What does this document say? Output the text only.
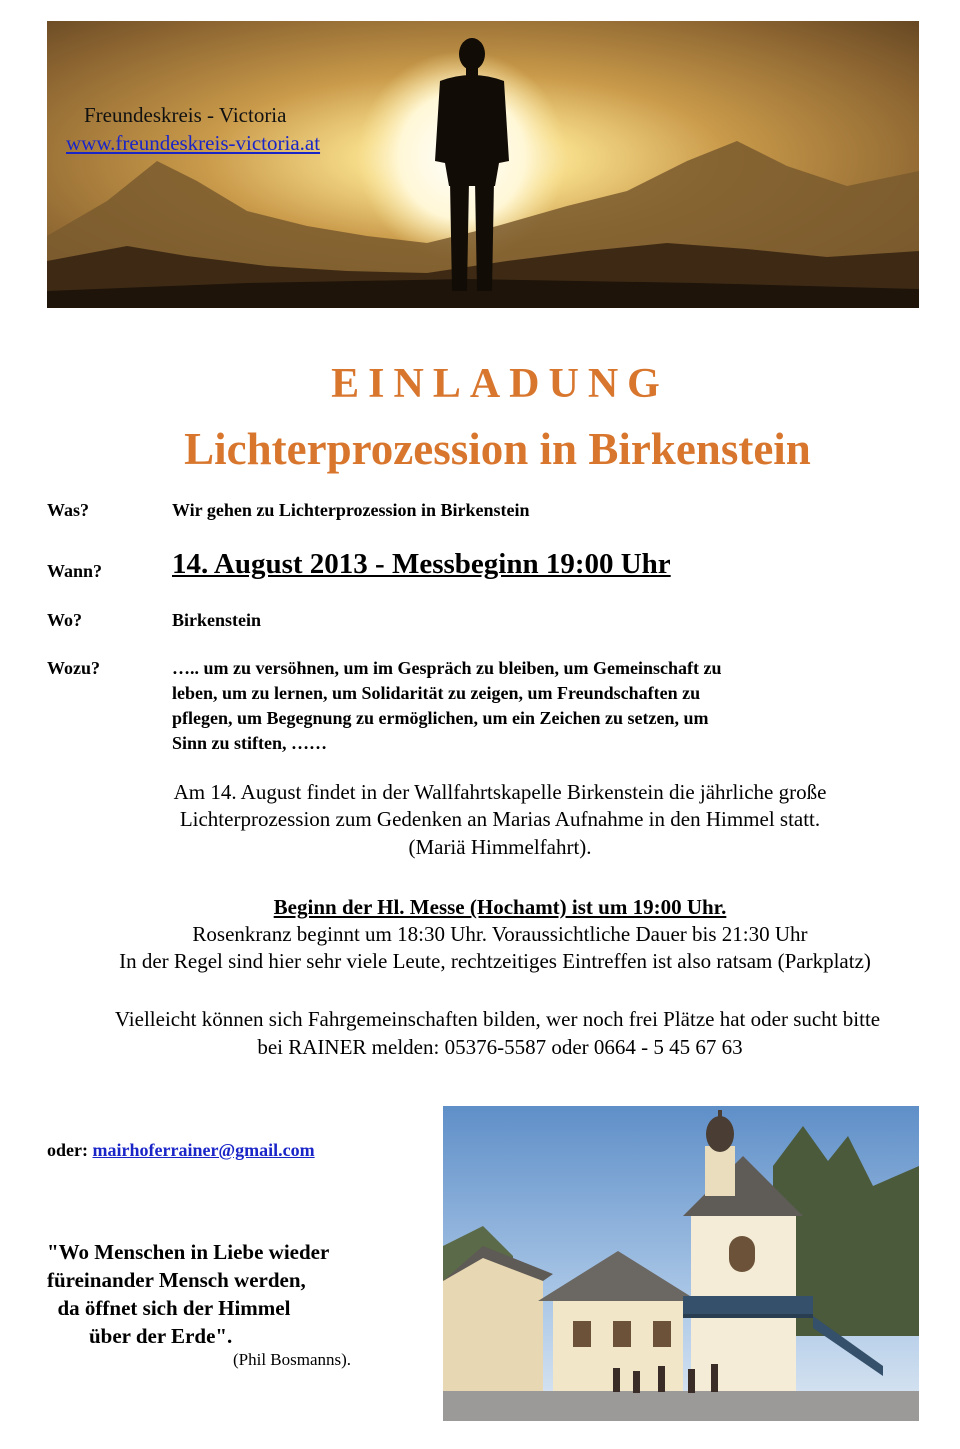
Freundeskreis - Victoria
www.freundeskreis-victoria.at
EINLADUNG
Lichterprozession in Birkenstein
Was?	Wir gehen zu Lichterprozession in Birkenstein
Wann? 14. August 2013 - Messbeginn 19:00 Uhr
Wo?	Birkenstein
Wozu?	….. um zu versöhnen, um im Gespräch zu bleiben, um Gemeinschaft zu
leben, um zu lernen, um Solidarität zu zeigen, um Freundschaften zu
pflegen, um Begegnung zu ermöglichen, um ein Zeichen zu setzen, um
Sinn zu stiften, ……
Am 14. August findet in der Wallfahrtskapelle Birkenstein die jährliche große
Lichterprozession zum Gedenken an Marias Aufnahme in den Himmel statt.
(Mariä Himmelfahrt).
Beginn der Hl. Messe (Hochamt) ist um 19:00 Uhr.
Rosenkranz beginnt um 18:30 Uhr. Voraussichtliche Dauer bis 21:30 Uhr
In der Regel sind hier sehr viele Leute, rechtzeitiges Eintreffen ist also ratsam (Parkplatz)
Vielleicht können sich Fahrgemeinschaften bilden, wer noch frei Plätze hat oder sucht bitte
bei RAINER melden: 05376-5587 oder 0664 - 5 45 67 63
oder: mairhoferrainer@gmail.com
"Wo Menschen in Liebe wieder
füreinander Mensch werden,
da öffnet sich der Himmel
über der Erde".
(Phil Bosmanns).
